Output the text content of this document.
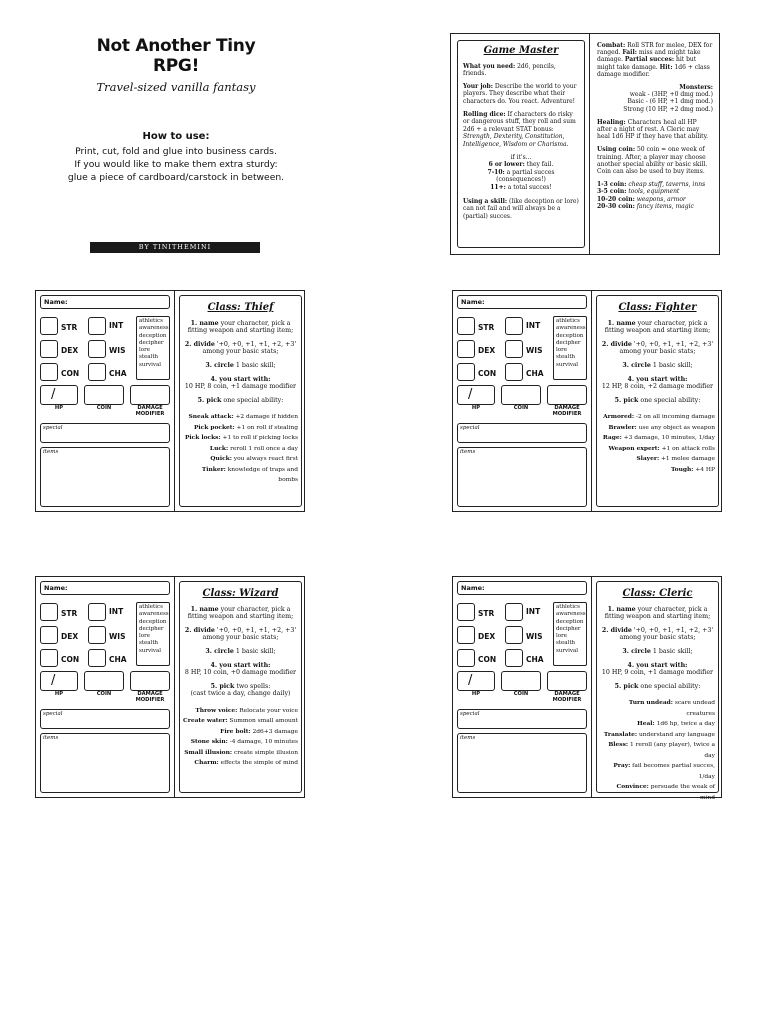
Not Another Tiny
RPG!
Travel-sized vanilla fantasy
How to use:
Print, cut, fold and glue into business cards.
If you would like to make them extra sturdy:
glue a piece of cardboard/carstock in between.
BY TINITHEMINI
Game Master

What you need: 2d6, pencils, friends.

Your job: Describe the world to your players. They describe what their characters do. You react. Adventure!

Rolling dice: If characters do risky or dangerous stuff, they roll and sum 2d6 + a relevant STAT bonus: Strength, Dexterity, Constitution, Intelligence, Wisdom or Charisma.

if it's...
6 or lower: they fail.
7-10: a partial succes (consequences!)
11+: a total succes!

Using a skill: (like deception or lore) can not fail and will always be a (partial) succes.

Combat: Roll STR for melee, DEX for ranged. Fail: miss and might take damage. Partial succes: hit but might take damage. Hit: 1d6 + class damage modifier.

Monsters:
weak - (3HP, +0 dmg mod.)
Basic - (6 HP, +1 dmg mod.)
Strong (10 HP, +2 dmg mod.)

Healing: Characters heal all HP after a night of rest. A Cleric may heal 1d6 HP if they have that ability.

Using coin: 50 coin = one week of training. After, a player may choose another special ability or basic skill. Coin can also be used to buy items.

1-3 coin: cheap stuff, taverns, inns
3-5 coin: tools, equipment
10-20 coin: weapons, armor
20-30 coin: fancy items, magic
Name:
STR	INT
DEX	WIS
CON	CHA
athletics
awareness
deception
decipher
lore
stealth
survival
/
HP	COIN	DAMAGE MODIFIER
special
items
Class: Thief
1. name your character, pick a fitting weapon and starting item;
2. divide '+0, +0, +1, +1, +2, +3' among your basic stats;
3. circle 1 basic skill;
4. you start with:
10 HP, 8 coin, +1 damage modifier
5. pick one special ability:
Sneak attack: +2 damage if hidden
Pick pocket: +1 on roll if stealing
Pick locks: +1 to roll if picking locks
Luck: reroll 1 roll once a day
Quick: you always react first
Tinker: knowledge of traps and bombs
Name:
STR	INT
DEX	WIS
CON	CHA
athletics
awareness
deception
decipher
lore
stealth
survival
/
HP	COIN	DAMAGE MODIFIER
special
items
Class: Fighter
1. name your character, pick a fitting weapon and starting item;
2. divide '+0, +0, +1, +1, +2, +3' among your basic stats;
3. circle 1 basic skill;
4. you start with:
12 HP, 8 coin, +2 damage modifier
5. pick one special ability:
Armored: -2 on all incoming damage
Brawler: use any object as weapon
Rage: +3 damage, 10 minutes, 1/day
Weapon expert: +1 on attack rolls
Slayer: +1 melee damage
Tough: +4 HP
Name:
STR	INT
DEX	WIS
CON	CHA
athletics
awareness
deception
decipher
lore
stealth
survival
/
HP	COIN	DAMAGE MODIFIER
special
items
Class: Wizard
1. name your character, pick a fitting weapon and starting item;
2. divide '+0, +0, +1, +1, +2, +3' among your basic stats;
3. circle 1 basic skill;
4. you start with:
8 HP, 10 coin, +0 damage modifier
5. pick two spells:
(cast twice a day, change daily)
Throw voice: Relocate your voice
Create water: Summon small amount
Fire bolt: 2d6+3 damage
Stone skin: -4 damage, 10 minutes
Small illusion: create simple illusion
Charm: effects the simple of mind
Name:
STR	INT
DEX	WIS
CON	CHA
athletics
awareness
deception
decipher
lore
stealth
survival
/
HP	COIN	DAMAGE MODIFIER
special
items
Class: Cleric
1. name your character, pick a fitting weapon and starting item;
2. divide '+0, +0, +1, +1, +2, +3' among your basic stats;
3. circle 1 basic skill;
4. you start with:
10 HP, 9 coin, +1 damage modifier
5. pick one special ability:
Turn undead: scare undead creatures
Heal: 1d6 hp, twice a day
Translate: understand any language
Bless: 1 reroll (any player), twice a day
Pray: fail becomes partial succes, 1/day
Convince: persuade the weak of mind
